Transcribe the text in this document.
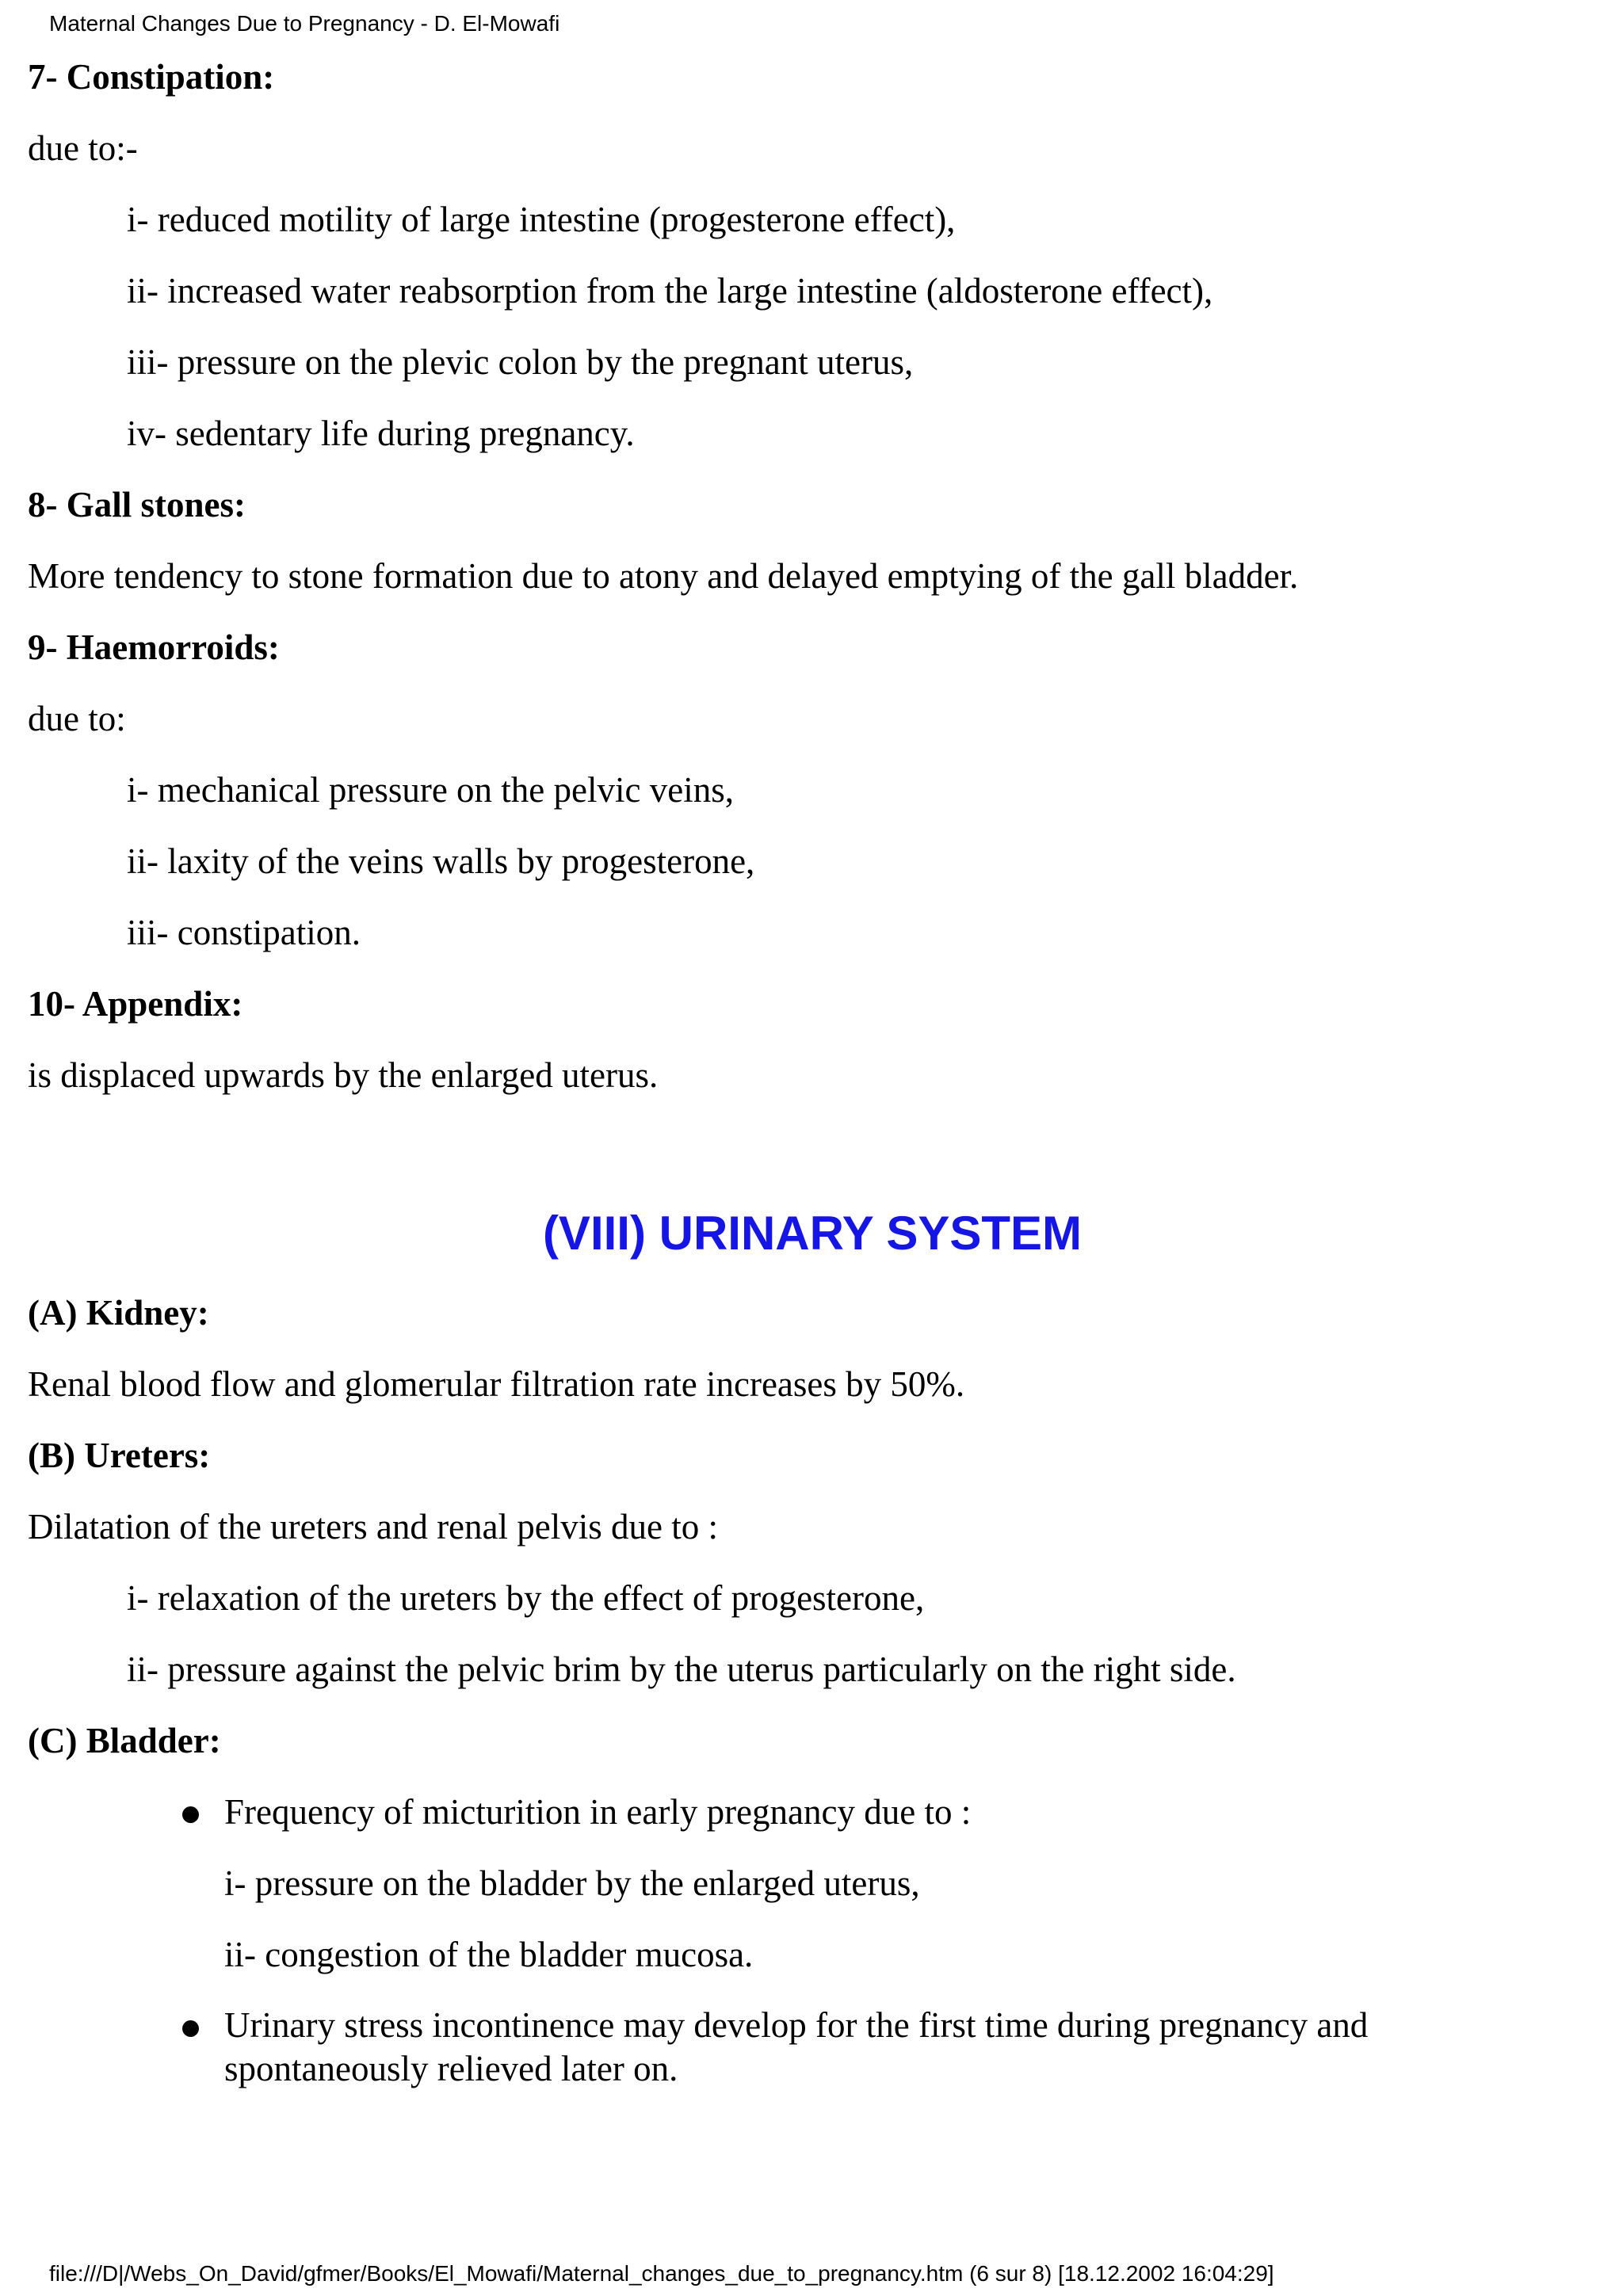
Maternal Changes Due to Pregnancy - D. El-Mowafi

7- Constipation:

due to:-

i- reduced motility of large intestine (progesterone effect),

ii- increased water reabsorption from the large intestine (aldosterone effect),

iii- pressure on the plevic colon by the pregnant uterus,

iv- sedentary life during pregnancy.

8- Gall stones:

More tendency to stone formation due to atony and delayed emptying of the gall bladder.

9- Haemorroids:

due to:

i- mechanical pressure on the pelvic veins,

ii- laxity of the veins walls by progesterone,

iii- constipation.

10- Appendix:

is displaced upwards by the enlarged uterus.

(VIII) URINARY SYSTEM

(A) Kidney:

Renal blood flow and glomerular filtration rate increases by 50%.

(B) Ureters:

Dilatation of the ureters and renal pelvis due to :

i- relaxation of the ureters by the effect of progesterone,

ii- pressure against the pelvic brim by the uterus particularly on the right side.

(C) Bladder:

Frequency of micturition in early pregnancy due to :
i- pressure on the bladder by the enlarged uterus,
ii- congestion of the bladder mucosa.
Urinary stress incontinence may develop for the first time during pregnancy and spontaneously relieved later on.
file:///D|/Webs_On_David/gfmer/Books/El_Mowafi/Maternal_changes_due_to_pregnancy.htm (6 sur 8) [18.12.2002 16:04:29]
